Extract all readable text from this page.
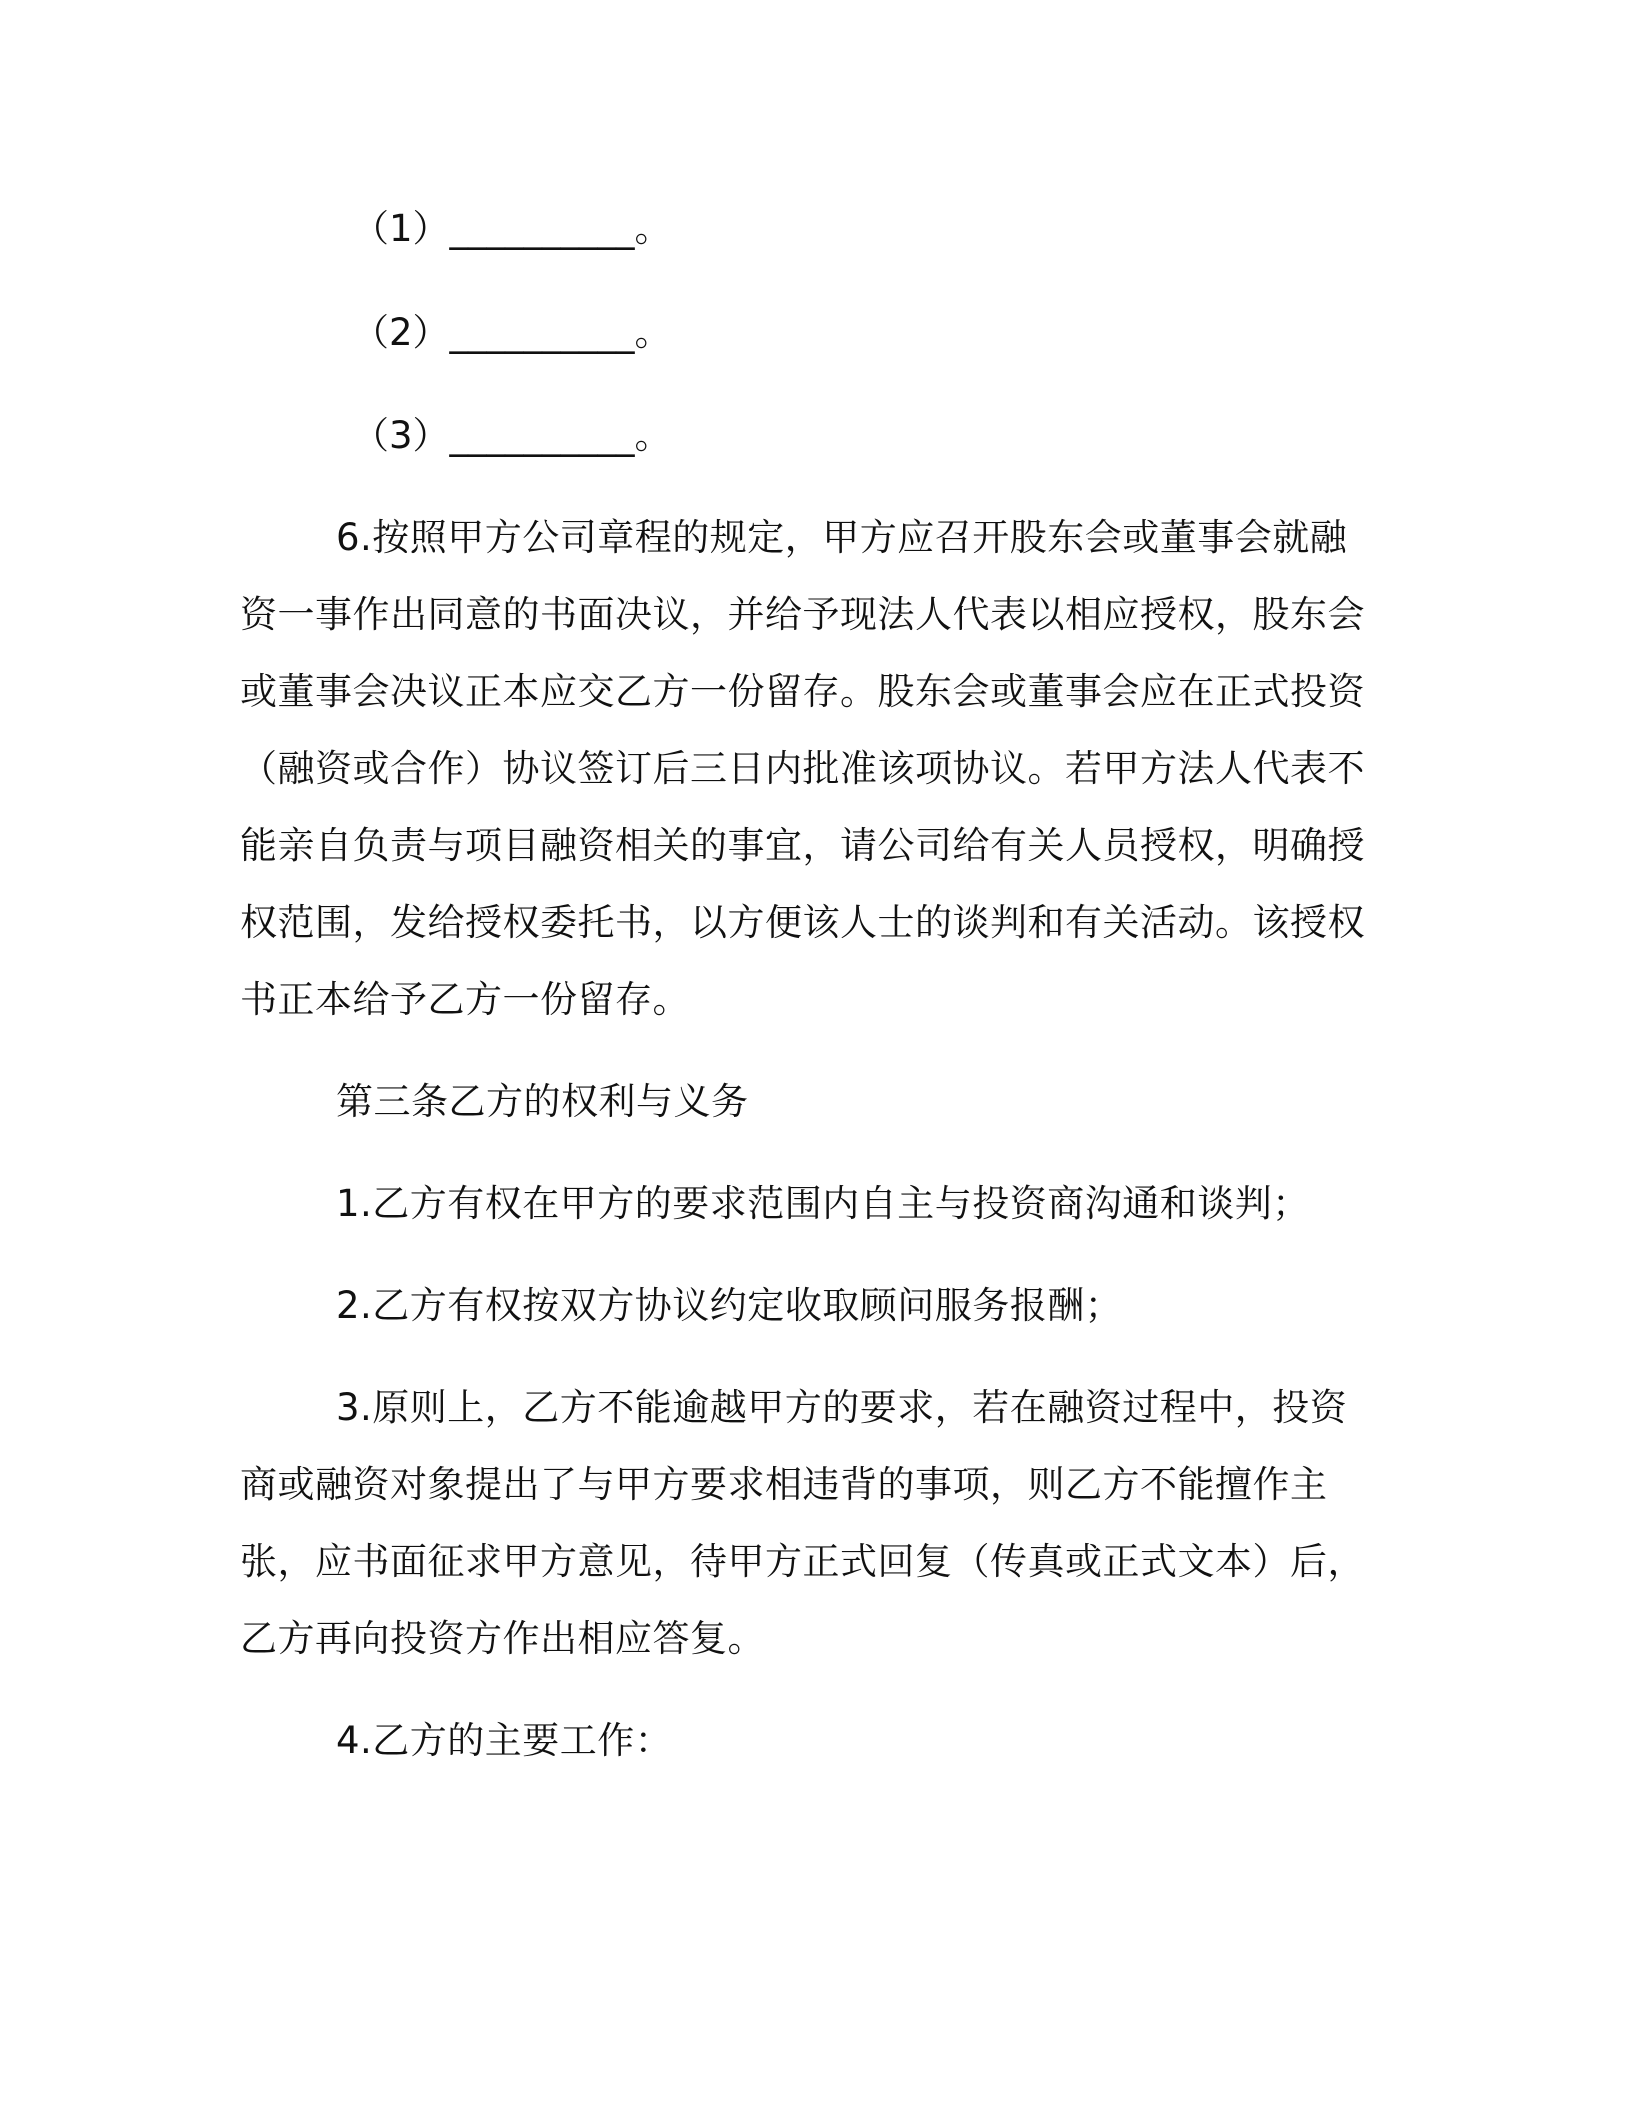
（1）__________。
（2）__________。
（3）__________。

6.按照甲方公司章程的规定，甲方应召开股东会或董事会就融资一事作出同意的书面决议，并给予现法人代表以相应授权，股东会或董事会决议正本应交乙方一份留存。股东会或董事会应在正式投资（融资或合作）协议签订后三日内批准该项协议。若甲方法人代表不能亲自负责与项目融资相关的事宜，请公司给有关人员授权，明确授权范围，发给授权委托书，以方便该人士的谈判和有关活动。该授权书正本给予乙方一份留存。

第三条乙方的权利与义务

1.乙方有权在甲方的要求范围内自主与投资商沟通和谈判；

2.乙方有权按双方协议约定收取顾问服务报酬；

3.原则上，乙方不能逾越甲方的要求，若在融资过程中，投资商或融资对象提出了与甲方要求相违背的事项，则乙方不能擅作主张，应书面征求甲方意见，待甲方正式回复（传真或正式文本）后，乙方再向投资方作出相应答复。

4.乙方的主要工作：
